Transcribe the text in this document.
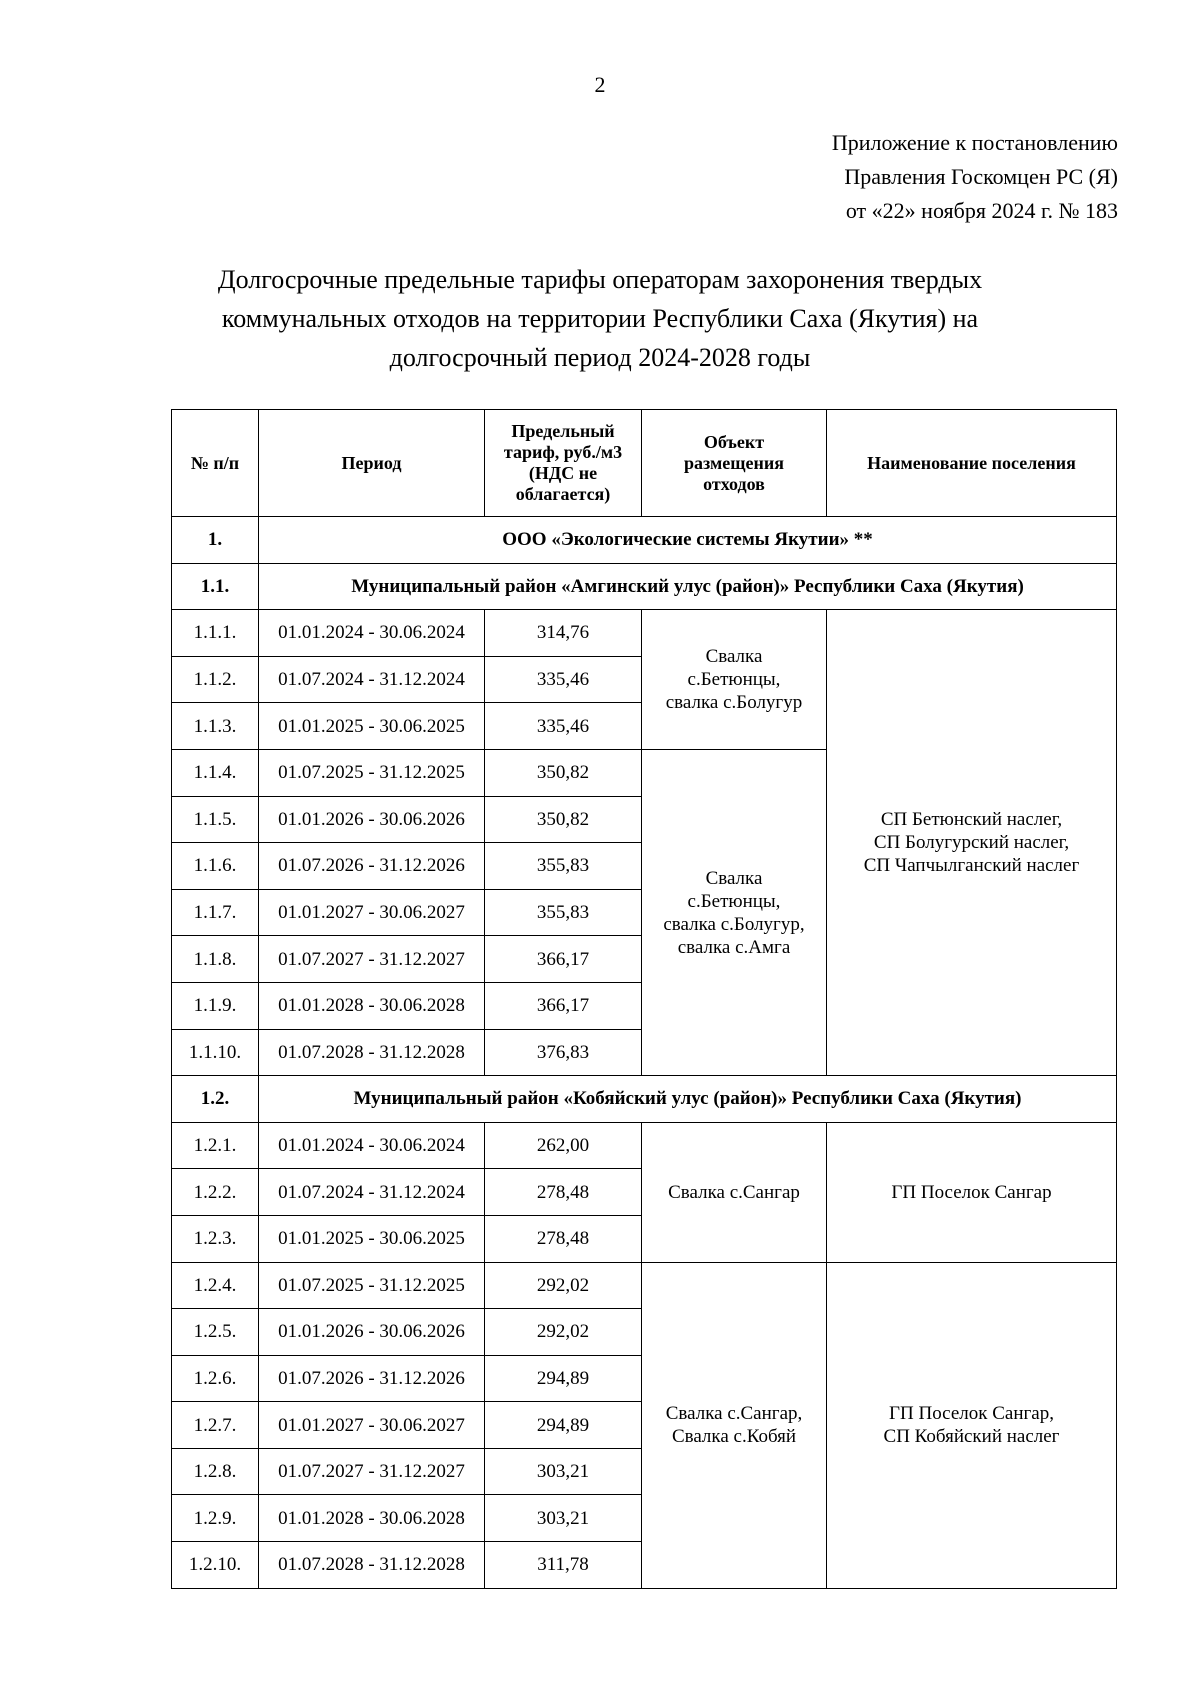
2
Приложение к постановлению
Правления Госкомцен РС (Я)
от «22» ноября 2024 г. № 183
Долгосрочные предельные тарифы операторам захоронения твердых
коммунальных отходов на территории Республики Саха (Якутия) на
долгосрочный период 2024-2028 годы
№ п/п	Период	Предельный
тариф, руб./м3
(НДС не
облагается)	Объект
размещения
отходов	Наименование поселения
1.	ООО «Экологические системы Якутии» **			
1.1.	Муниципальный район «Амгинский улус (район)» Республики Саха (Якутия)			
1.1.1.	01.01.2024 - 30.06.2024	314,76	Свалка
с.Бетюнцы,
свалка с.Болугур	СП Бетюнский наслег,
СП Болугурский наслег,
СП Чапчылганский наслег

1.1.2.	01.07.2024 - 31.12.2024	335,46		
1.1.3.	01.01.2025 - 30.06.2025	335,46		
1.1.4.	01.07.2025 - 31.12.2025	350,82	Свалка
с.Бетюнцы,
свалка с.Болугур,
свалка с.Амга	

1.1.5.	01.01.2026 - 30.06.2026	350,82		
1.1.6.	01.07.2026 - 31.12.2026	355,83		
1.1.7.	01.01.2027 - 30.06.2027	355,83		
1.1.8.	01.07.2027 - 31.12.2027	366,17		
1.1.9.	01.01.2028 - 30.06.2028	366,17		
1.1.10.	01.07.2028 - 31.12.2028	376,83		
1.2.	Муниципальный район «Кобяйский улус (район)» Республики Саха (Якутия)			
1.2.1.	01.01.2024 - 30.06.2024	262,00	Свалка с.Сангар	ГП Поселок Сангар

1.2.2.	01.07.2024 - 31.12.2024	278,48		
1.2.3.	01.01.2025 - 30.06.2025	278,48		
1.2.4.	01.07.2025 - 31.12.2025	292,02	Свалка с.Сангар,
Свалка с.Кобяй	ГП Поселок Сангар,
СП Кобяйский наслег

1.2.5.	01.01.2026 - 30.06.2026	292,02		
1.2.6.	01.07.2026 - 31.12.2026	294,89		
1.2.7.	01.01.2027 - 30.06.2027	294,89		
1.2.8.	01.07.2027 - 31.12.2027	303,21		
1.2.9.	01.01.2028 - 30.06.2028	303,21		
1.2.10.	01.07.2028 - 31.12.2028	311,78		
